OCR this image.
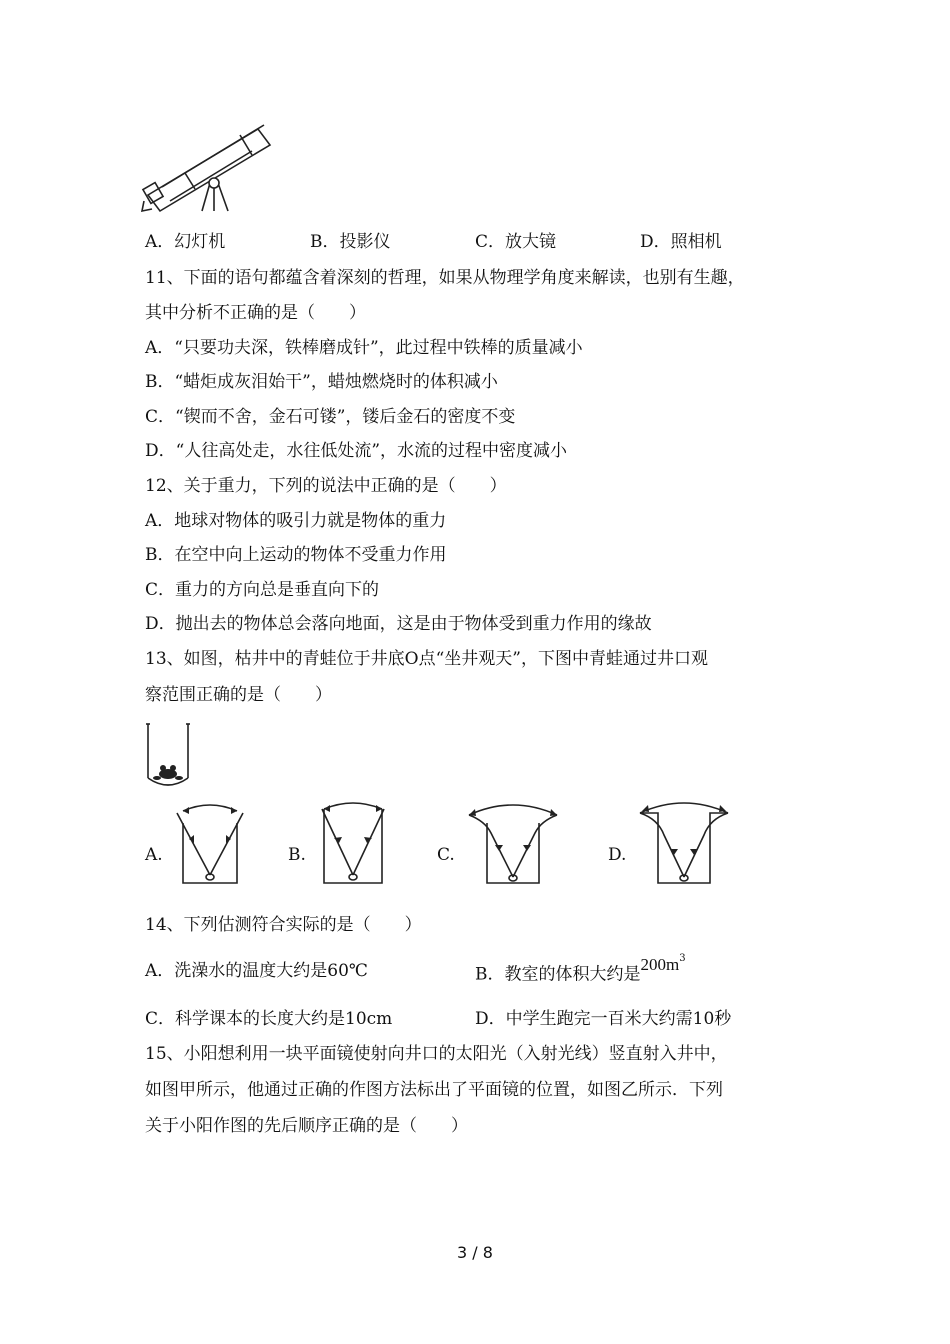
A．幻灯机	B．投影仪	C．放大镜	D．照相机
11、下面的语句都蕴含着深刻的哲理，如果从物理学角度来解读，也别有生趣，
其中分析不正确的是（　　）
A．“只要功夫深，铁棒磨成针”，此过程中铁棒的质量减小
B．“蜡炬成灰泪始干”，蜡烛燃烧时的体积减小
C．“锲而不舍，金石可镂”，镂后金石的密度不变
D．“人往高处走，水往低处流”，水流的过程中密度减小
12、关于重力，下列的说法中正确的是（　　）
A．地球对物体的吸引力就是物体的重力
B．在空中向上运动的物体不受重力作用
C．重力的方向总是垂直向下的
D．抛出去的物体总会落向地面，这是由于物体受到重力作用的缘故
13、如图，枯井中的青蛙位于井底O点“坐井观天”，下图中青蛙通过井口观
察范围正确的是（　　）
A.	B.	C.	D.
14、下列估测符合实际的是（　　）
A．洗澡水的温度大约是60℃	B．教室的体积大约是$200m^3$
C．科学课本的长度大约是10cm	D．中学生跑完一百米大约需10秒
15、小阳想利用一块平面镜使射向井口的太阳光（入射光线）竖直射入井中，
如图甲所示，他通过正确的作图方法标出了平面镜的位置，如图乙所示．下列
关于小阳作图的先后顺序正确的是（　　）
3 / 8
